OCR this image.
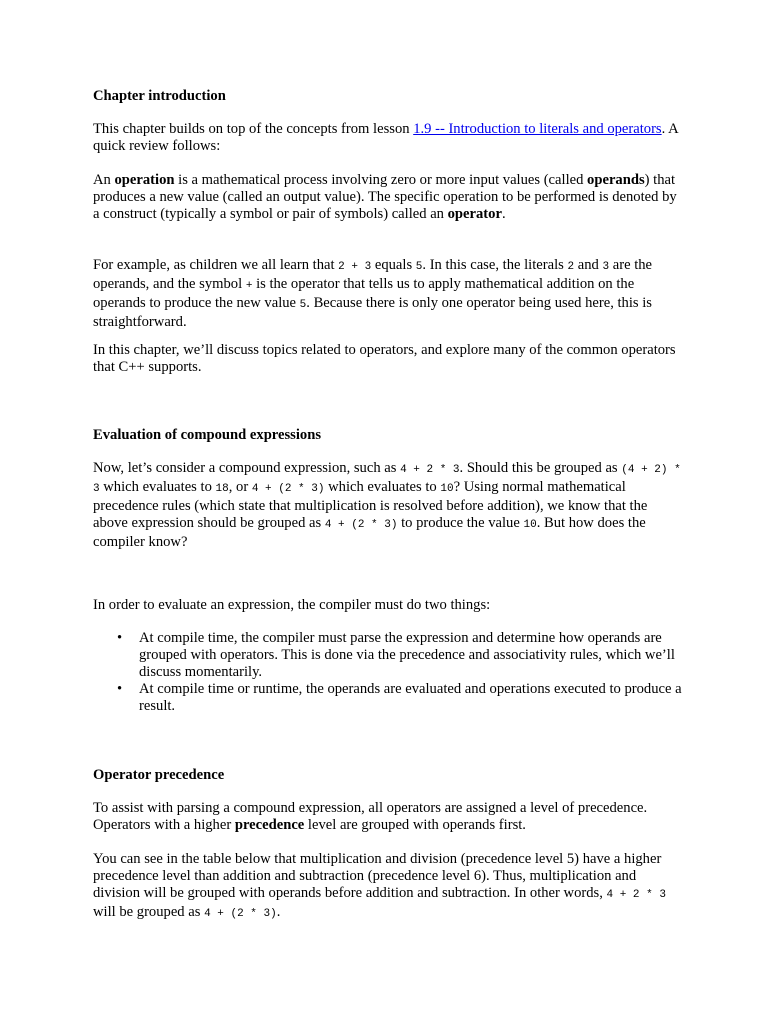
Chapter introduction

This chapter builds on top of the concepts from lesson 1.9 -- Introduction to literals and operators. A quick review follows:

An operation is a mathematical process involving zero or more input values (called operands) that produces a new value (called an output value). The specific operation to be performed is denoted by a construct (typically a symbol or pair of symbols) called an operator.

For example, as children we all learn that 2 + 3 equals 5. In this case, the literals 2 and 3 are the operands, and the symbol + is the operator that tells us to apply mathematical addition on the operands to produce the new value 5. Because there is only one operator being used here, this is straightforward.

In this chapter, we’ll discuss topics related to operators, and explore many of the common operators that C++ supports.

Evaluation of compound expressions

Now, let’s consider a compound expression, such as 4 + 2 * 3. Should this be grouped as (4 + 2) * 3 which evaluates to 18, or 4 + (2 * 3) which evaluates to 10? Using normal mathematical precedence rules (which state that multiplication is resolved before addition), we know that the above expression should be grouped as 4 + (2 * 3) to produce the value 10. But how does the compiler know?

In order to evaluate an expression, the compiler must do two things:

• At compile time, the compiler must parse the expression and determine how operands are grouped with operators. This is done via the precedence and associativity rules, which we’ll discuss momentarily.
• At compile time or runtime, the operands are evaluated and operations executed to produce a result.
Operator precedence

To assist with parsing a compound expression, all operators are assigned a level of precedence. Operators with a higher precedence level are grouped with operands first.

You can see in the table below that multiplication and division (precedence level 5) have a higher precedence level than addition and subtraction (precedence level 6). Thus, multiplication and division will be grouped with operands before addition and subtraction. In other words, 4 + 2 * 3 will be grouped as 4 + (2 * 3).
